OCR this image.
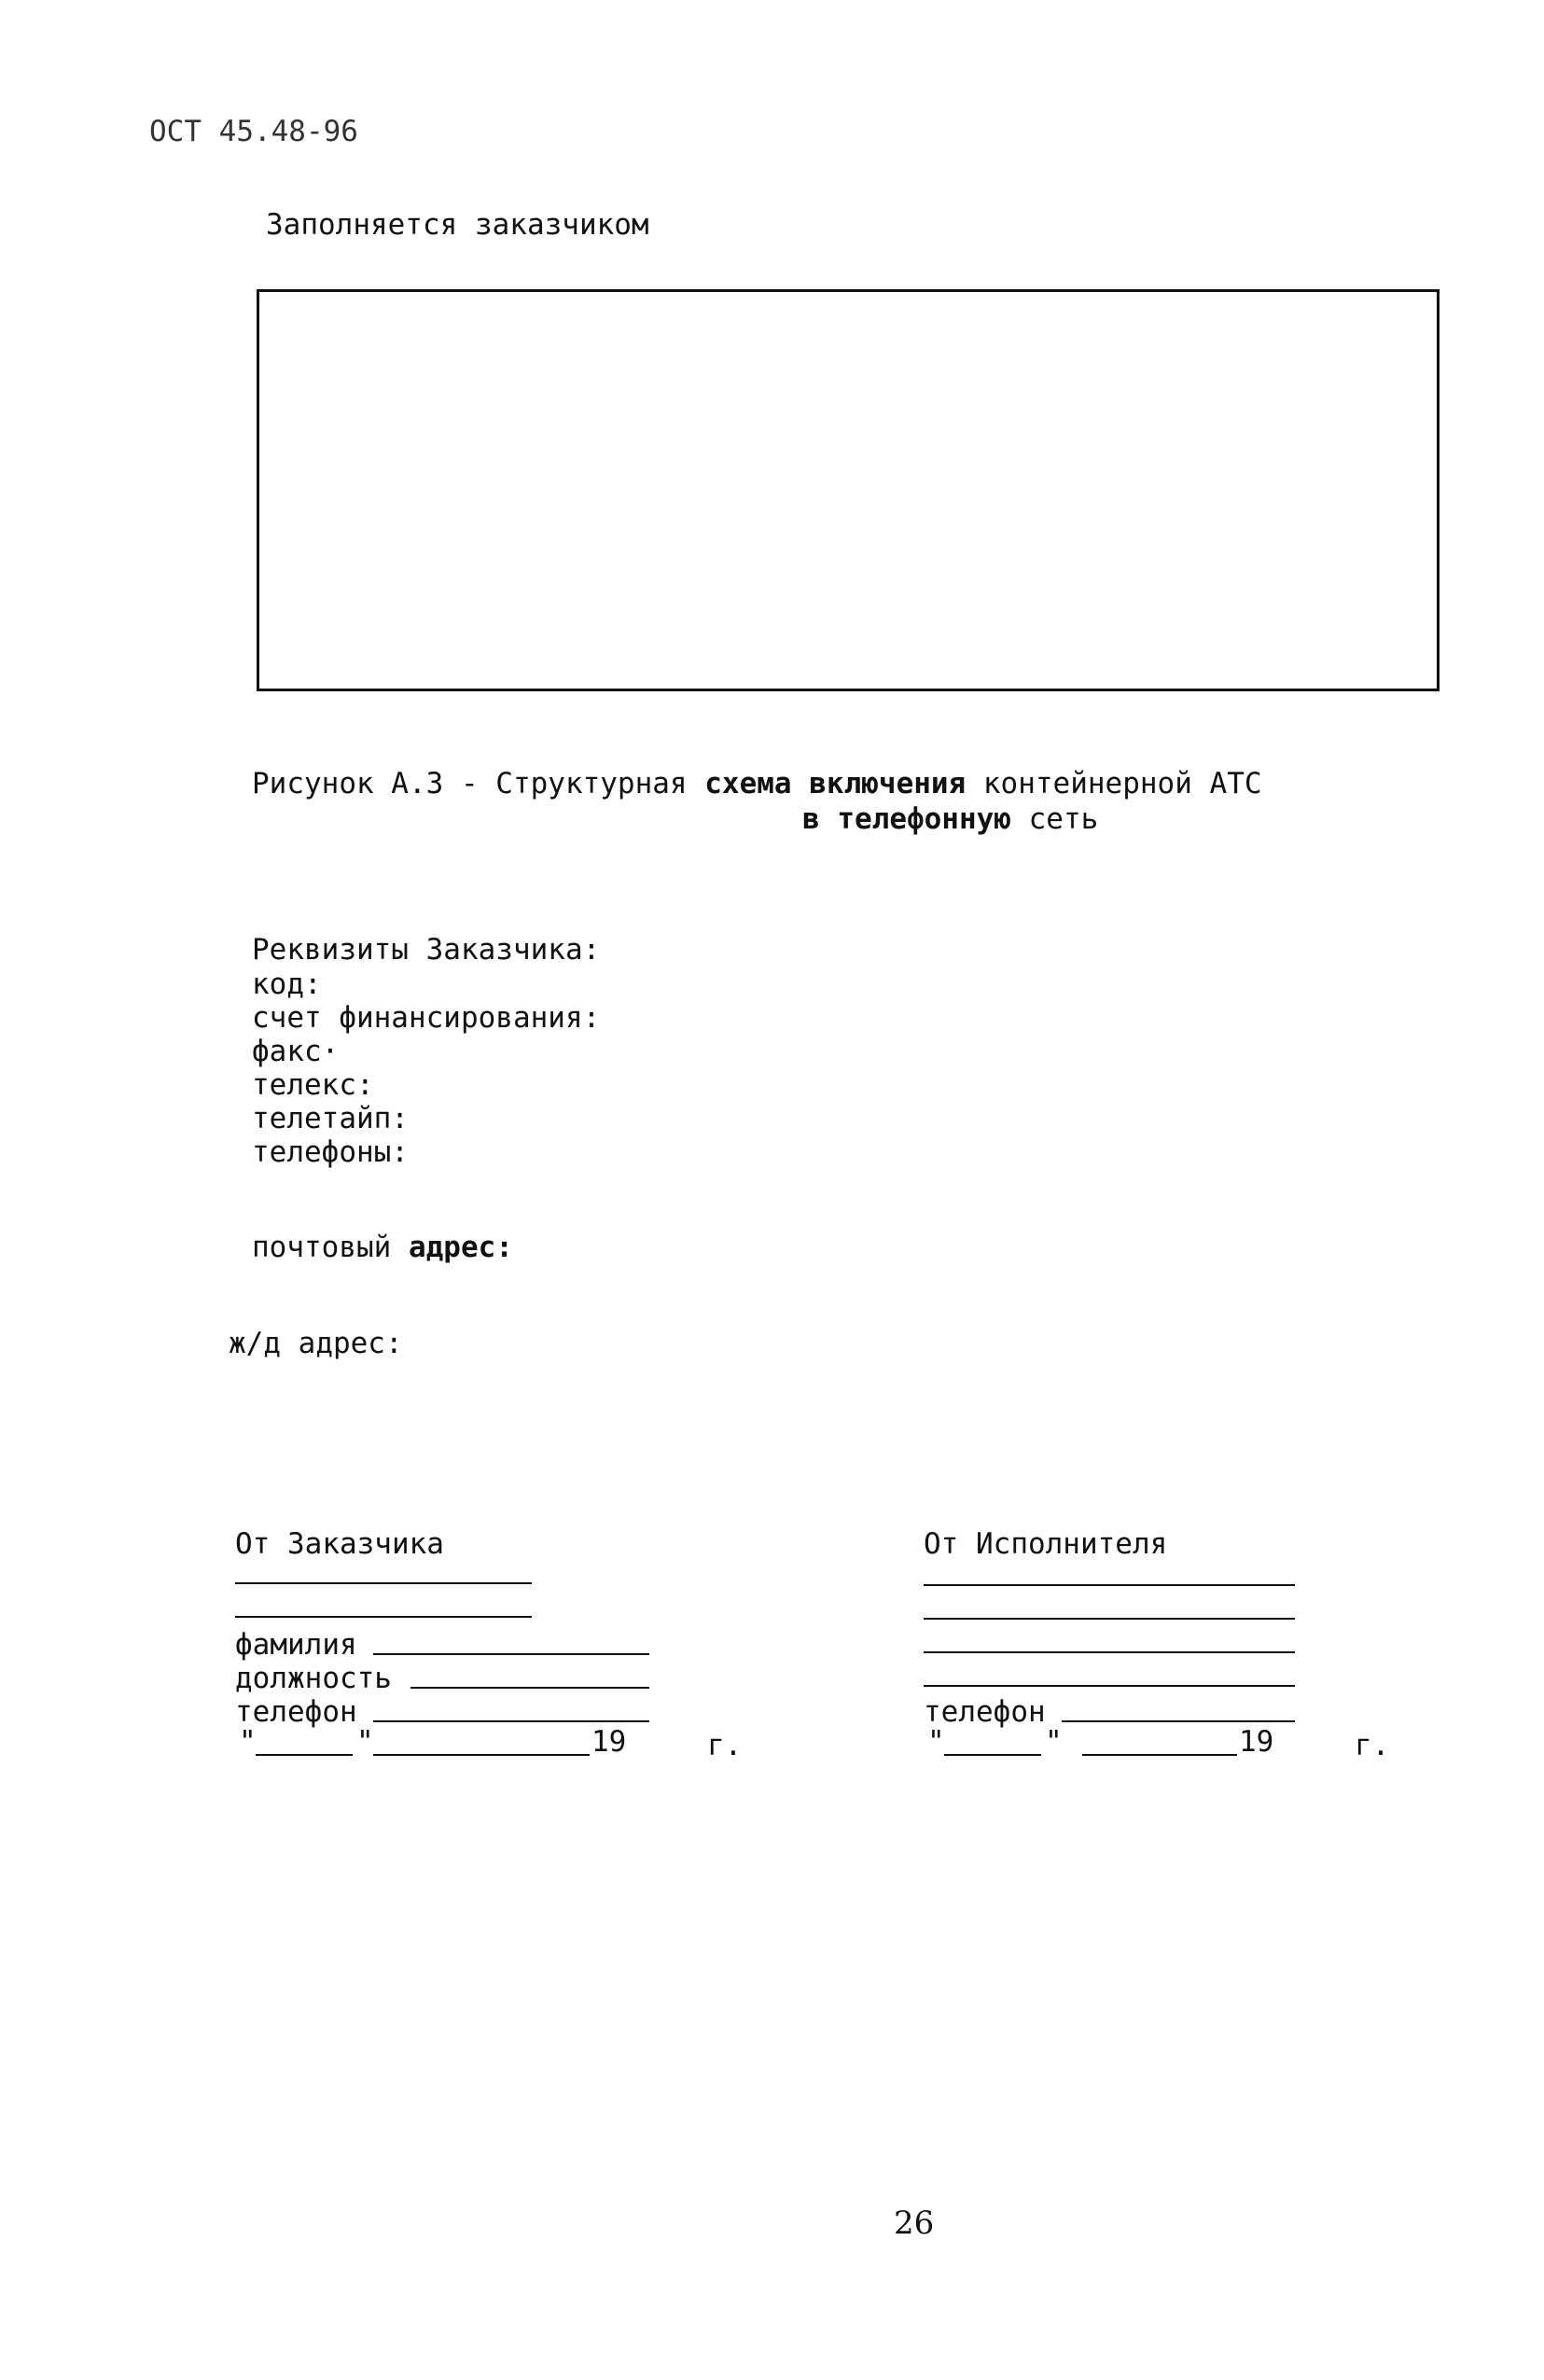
ОСТ 45.48-96
Заполняется заказчиком
Рисунок А.3 - Структурная схема включения контейнерной АТС
в телефонную сеть
Реквизиты Заказчика:
код:
счет финансирования:
факс·
телекс:
телетайп:
телефоны:
почтовый адрес:
ж/д адрес:
От Заказчика
фамилия
должность
телефон
"	"	19	г.
От Исполнителя
телефон
"	"	19	г.
26
